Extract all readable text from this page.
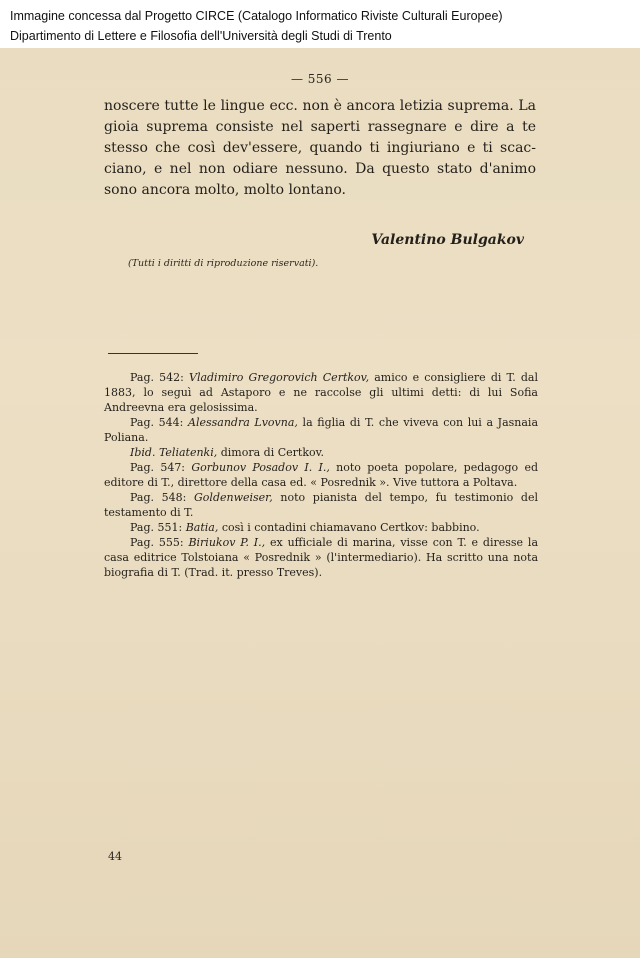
Immagine concessa dal Progetto CIRCE (Catalogo Informatico Riviste Culturali Europee)
Dipartimento di Lettere e Filosofia dell'Università degli Studi di Trento
— 556 —
noscere tutte le lingue ecc. non è ancora letizia suprema. La
gioia suprema consiste nel saperti rassegnare e dire a te
stesso che così dev'essere, quando ti ingiuriano e ti scac-
ciano, e nel non odiare nessuno. Da questo stato d'animo
sono ancora molto, molto lontano.
Valentino Bulgakov
(Tutti i diritti di riproduzione riservati).

Pag. 542: Vladimiro Gregorovich Certkov, amico e consigliere di T. dal 1883, lo seguì ad Astaporo e ne raccolse gli ultimi detti: di lui Sofia Andreevna era gelosissima.

Pag. 544: Alessandra Lvovna, la figlia di T. che viveva con lui a Jasnaia Poliana.

Ibid. Teliatenki, dimora di Certkov.

Pag. 547: Gorbunov Posadov I. I., noto poeta popolare, pedagogo ed editore di T., direttore della casa ed. « Posrednik ». Vive tuttora a Poltava.

Pag. 548: Goldenweiser, noto pianista del tempo, fu testimonio del testamento di T.

Pag. 551: Batia, così i contadini chiamavano Certkov: babbino.

Pag. 555: Biriukov P. I., ex ufficiale di marina, visse con T. e diresse la casa editrice Tolstoiana « Posrednik » (l'intermediario). Ha scritto una nota biografia di T. (Trad. it. presso Treves).

44
